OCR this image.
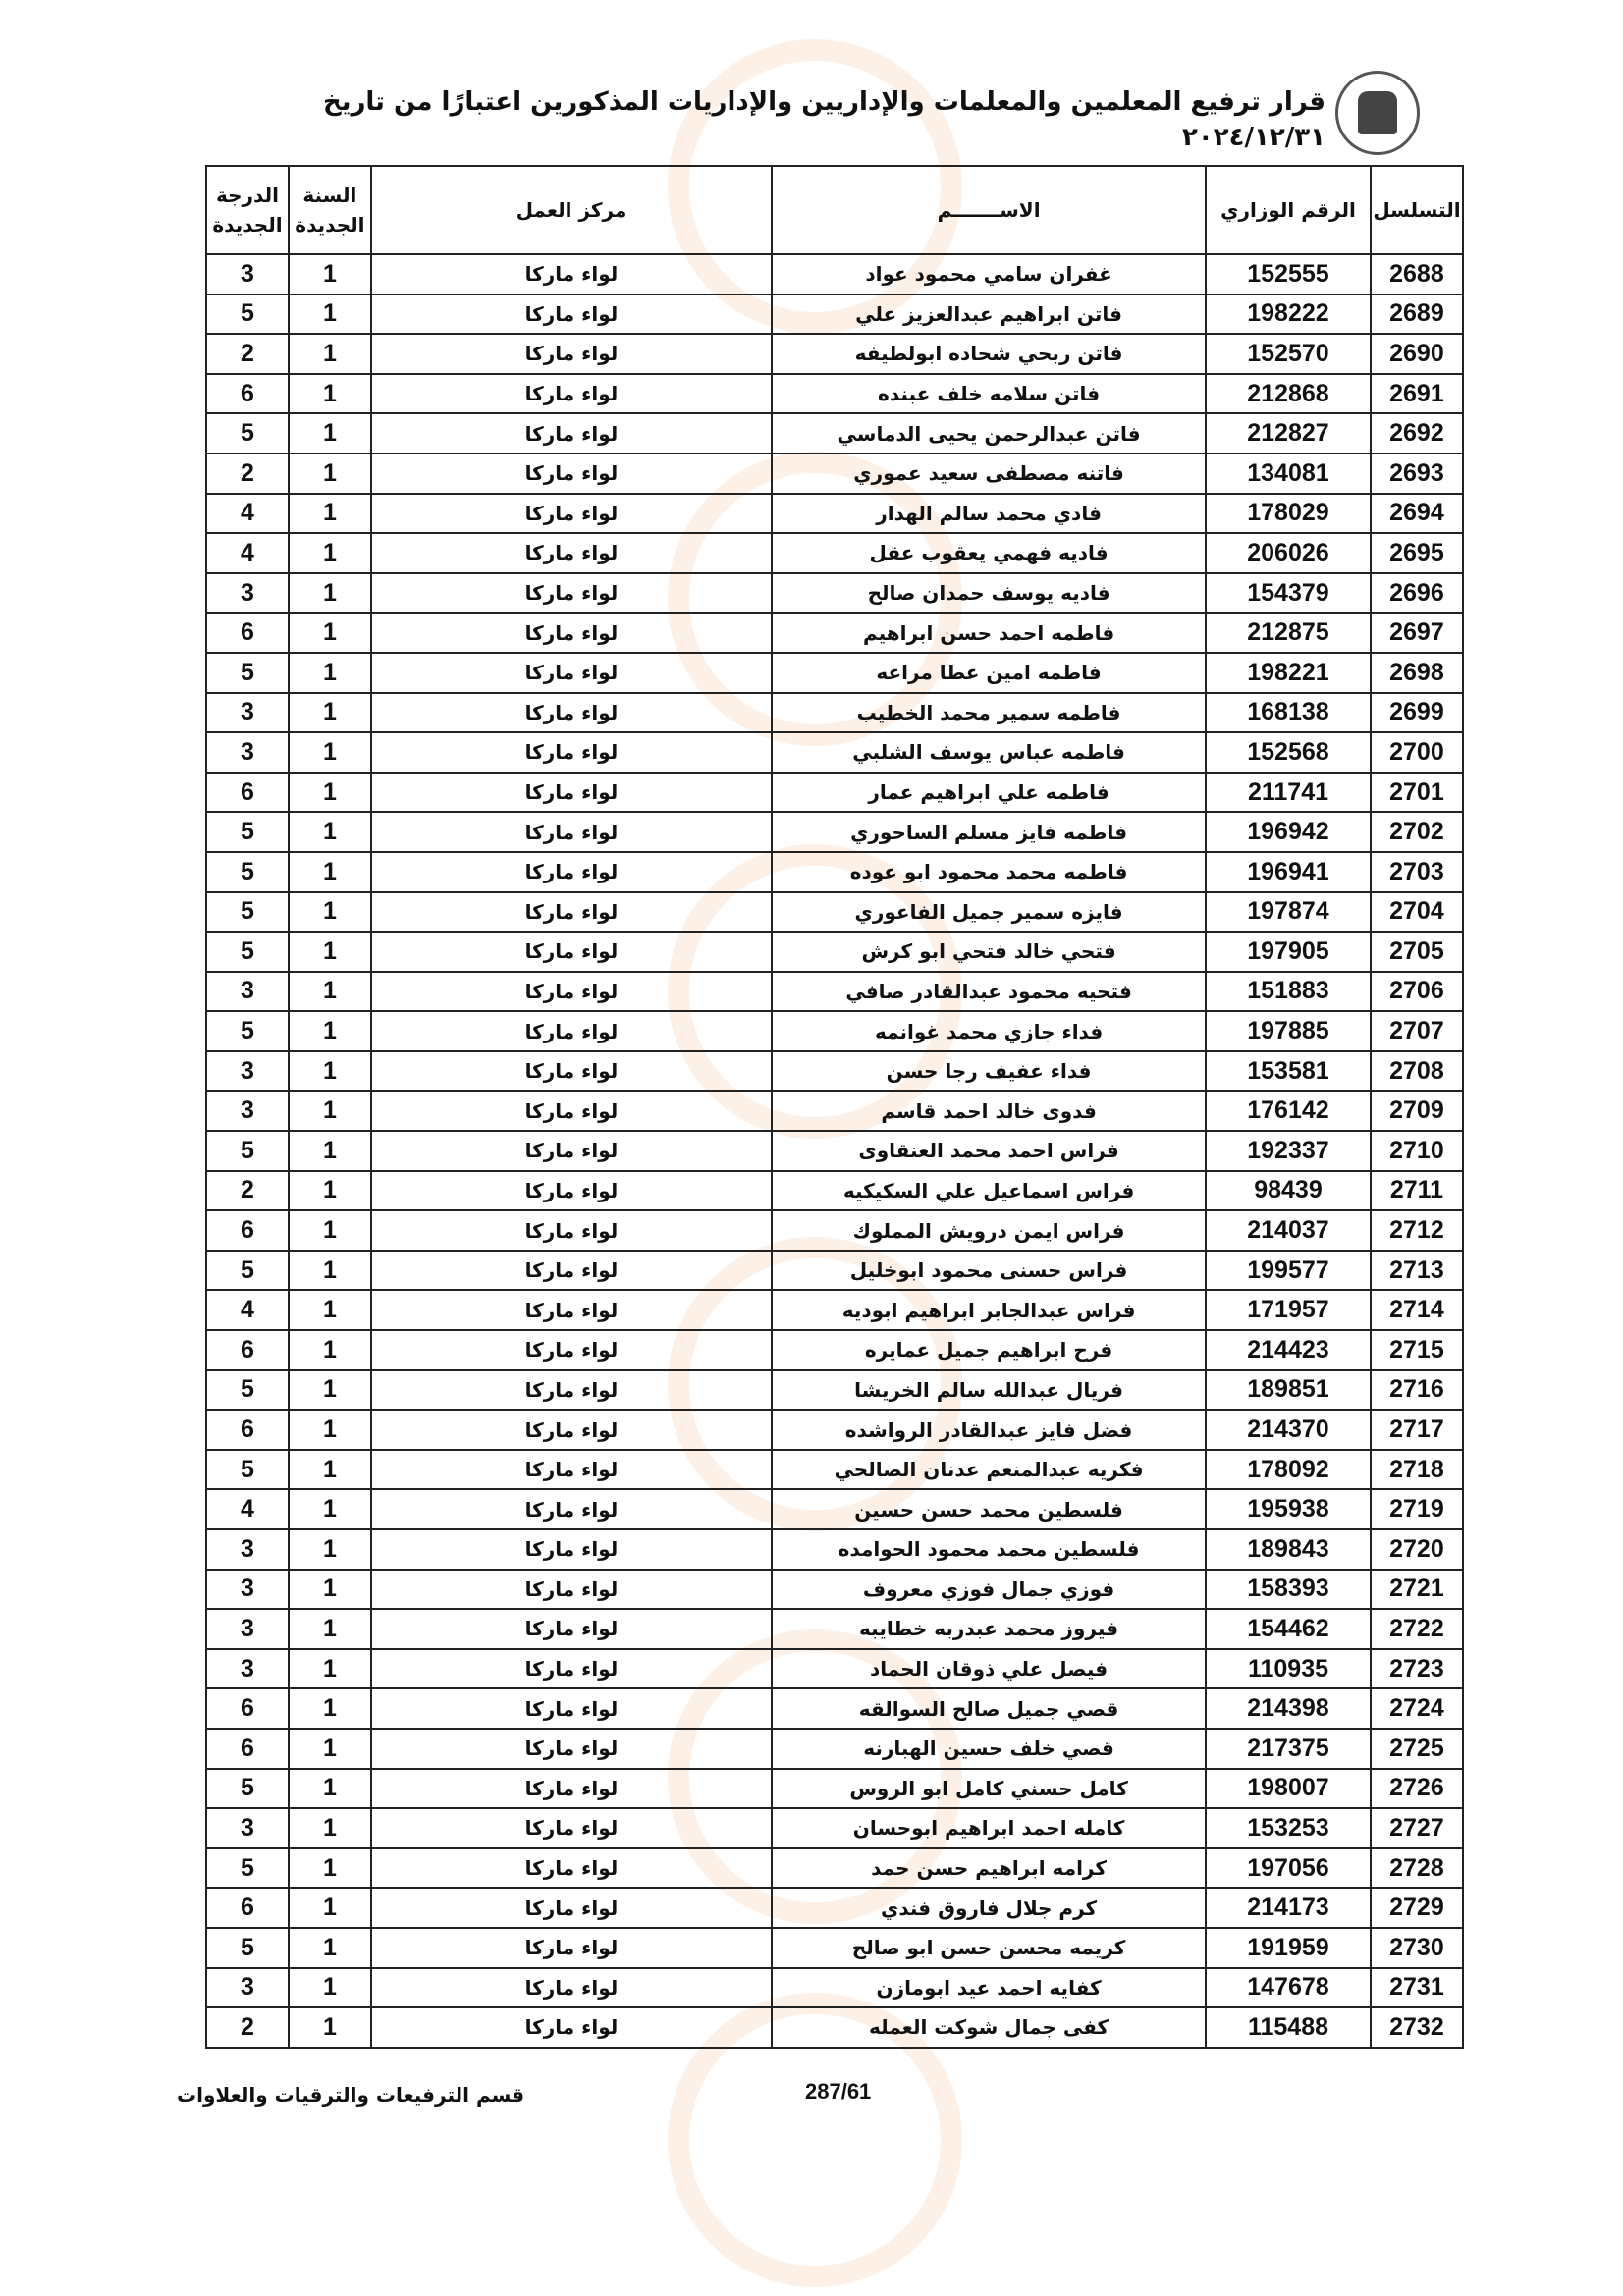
قرار ترفيع المعلمين والمعلمات والإداريين والإداريات المذكورين اعتبارًا من تاريخ ٢٠٢٤/١٢/٣١
التسلسل	الرقم الوزاري	الاســـــــم	مركز العمل	السنة الجديدة	الدرجة الجديدة
2688	152555	غفران سامي محمود عواد	لواء ماركا	1	3
2689	198222	فاتن ابراهيم عبدالعزيز علي	لواء ماركا	1	5
2690	152570	فاتن ربحي شحاده ابولطيفه	لواء ماركا	1	2
2691	212868	فاتن سلامه خلف عبنده	لواء ماركا	1	6
2692	212827	فاتن عبدالرحمن يحيى الدماسي	لواء ماركا	1	5
2693	134081	فاتنه مصطفى سعيد عموري	لواء ماركا	1	2
2694	178029	فادي محمد سالم الهدار	لواء ماركا	1	4
2695	206026	فاديه فهمي يعقوب عقل	لواء ماركا	1	4
2696	154379	فاديه يوسف حمدان صالح	لواء ماركا	1	3
2697	212875	فاطمه احمد حسن ابراهيم	لواء ماركا	1	6
2698	198221	فاطمه امين عطا مراغه	لواء ماركا	1	5
2699	168138	فاطمه سمير محمد الخطيب	لواء ماركا	1	3
2700	152568	فاطمه عباس يوسف الشلبي	لواء ماركا	1	3
2701	211741	فاطمه علي ابراهيم عمار	لواء ماركا	1	6
2702	196942	فاطمه فايز مسلم الساحوري	لواء ماركا	1	5
2703	196941	فاطمه محمد محمود ابو عوده	لواء ماركا	1	5
2704	197874	فايزه سمير جميل الفاعوري	لواء ماركا	1	5
2705	197905	فتحي خالد فتحي ابو كرش	لواء ماركا	1	5
2706	151883	فتحيه محمود عبدالقادر صافي	لواء ماركا	1	3
2707	197885	فداء جازي محمد غوانمه	لواء ماركا	1	5
2708	153581	فداء عفيف رجا حسن	لواء ماركا	1	3
2709	176142	فدوى خالد احمد قاسم	لواء ماركا	1	3
2710	192337	فراس احمد محمد العنقاوى	لواء ماركا	1	5
2711	98439	فراس اسماعيل علي السكيكيه	لواء ماركا	1	2
2712	214037	فراس ايمن درويش المملوك	لواء ماركا	1	6
2713	199577	فراس حسنى محمود ابوخليل	لواء ماركا	1	5
2714	171957	فراس عبدالجابر ابراهيم ابوديه	لواء ماركا	1	4
2715	214423	فرح ابراهيم جميل عمايره	لواء ماركا	1	6
2716	189851	فريال عبدالله سالم الخريشا	لواء ماركا	1	5
2717	214370	فضل فايز عبدالقادر الرواشده	لواء ماركا	1	6
2718	178092	فكريه عبدالمنعم عدنان الصالحي	لواء ماركا	1	5
2719	195938	فلسطين محمد حسن حسين	لواء ماركا	1	4
2720	189843	فلسطين محمد محمود الحوامده	لواء ماركا	1	3
2721	158393	فوزي جمال فوزي معروف	لواء ماركا	1	3
2722	154462	فيروز محمد عبدربه خطايبه	لواء ماركا	1	3
2723	110935	فيصل علي ذوقان الحماد	لواء ماركا	1	3
2724	214398	قصي جميل صالح السوالقه	لواء ماركا	1	6
2725	217375	قصي خلف حسين الهبارنه	لواء ماركا	1	6
2726	198007	كامل حسني كامل ابو الروس	لواء ماركا	1	5
2727	153253	كامله احمد ابراهيم ابوحسان	لواء ماركا	1	3
2728	197056	كرامه ابراهيم حسن حمد	لواء ماركا	1	5
2729	214173	كرم جلال فاروق فندي	لواء ماركا	1	6
2730	191959	كريمه محسن حسن ابو صالح	لواء ماركا	1	5
2731	147678	كفايه احمد عيد ابومازن	لواء ماركا	1	3
2732	115488	كفى جمال شوكت العمله	لواء ماركا	1	2
قسم الترفيعات والترقيات والعلاوات	287/61
